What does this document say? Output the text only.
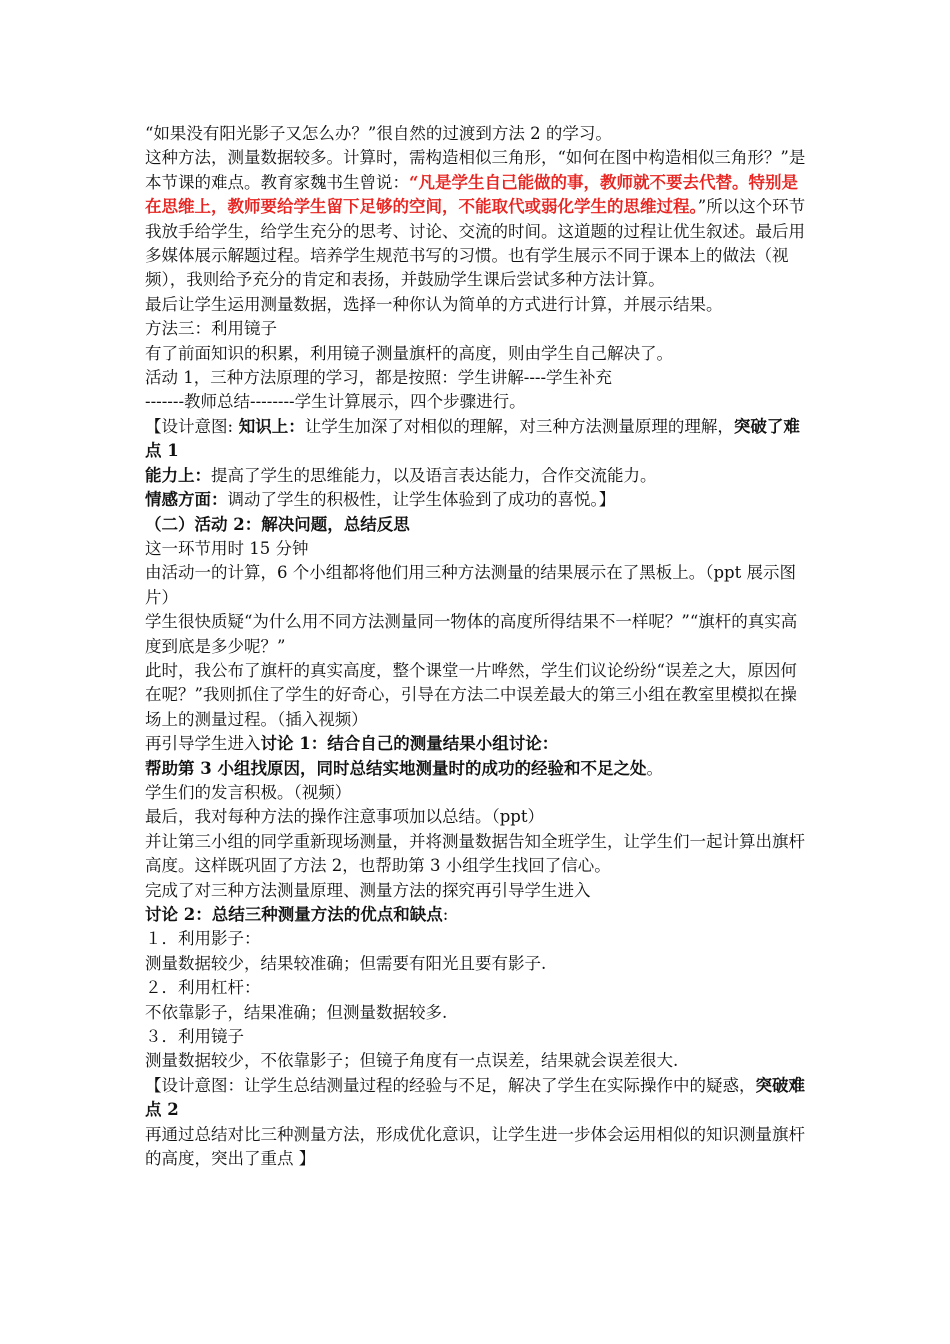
“如果没有阳光影子又怎么办？”很自然的过渡到方法 2 的学习。

这种方法，测量数据较多。计算时，需构造相似三角形，“如何在图中构造相似三角形？”是本节课的难点。教育家魏书生曾说：“凡是学生自己能做的事，教师就不要去代替。特别是在思维上，教师要给学生留下足够的空间，不能取代或弱化学生的思维过程。”所以这个环节我放手给学生，给学生充分的思考、讨论、交流的时间。这道题的过程让优生叙述。最后用多媒体展示解题过程。培养学生规范书写的习惯。也有学生展示不同于课本上的做法（视频），我则给予充分的肯定和表扬，并鼓励学生课后尝试多种方法计算。

最后让学生运用测量数据，选择一种你认为简单的方式进行计算，并展示结果。

方法三：利用镜子

有了前面知识的积累，利用镜子测量旗杆的高度，则由学生自己解决了。

活动 1，三种方法原理的学习，都是按照：学生讲解----学生补充

-------教师总结--------学生计算展示，四个步骤进行。

【设计意图: 知识上：让学生加深了对相似的理解，对三种方法测量原理的理解，突破了难点 1

能力上：提高了学生的思维能力，以及语言表达能力，合作交流能力。

情感方面：调动了学生的积极性，让学生体验到了成功的喜悦。】

（二）活动 2：解决问题，总结反思

这一环节用时 15 分钟

由活动一的计算，6 个小组都将他们用三种方法测量的结果展示在了黑板上。（ppt 展示图片）

学生很快质疑“为什么用不同方法测量同一物体的高度所得结果不一样呢？”“旗杆的真实高度到底是多少呢？”

此时，我公布了旗杆的真实高度，整个课堂一片哗然，学生们议论纷纷“误差之大，原因何在呢？”我则抓住了学生的好奇心，引导在方法二中误差最大的第三小组在教室里模拟在操场上的测量过程。（插入视频）

再引导学生进入讨论 1：结合自己的测量结果小组讨论：

帮助第 3 小组找原因，同时总结实地测量时的成功的经验和不足之处。

学生们的发言积极。（视频）

最后，我对每种方法的操作注意事项加以总结。（ppt）

并让第三小组的同学重新现场测量，并将测量数据告知全班学生，让学生们一起计算出旗杆高度。这样既巩固了方法 2，也帮助第 3 小组学生找回了信心。

完成了对三种方法测量原理、测量方法的探究再引导学生进入

讨论 2：总结三种测量方法的优点和缺点:

１．利用影子：

测量数据较少，结果较准确；但需要有阳光且要有影子.

２．利用杠杆：

不依靠影子，结果准确；但测量数据较多.

３．利用镜子

测量数据较少，不依靠影子；但镜子角度有一点误差，结果就会误差很大.

【设计意图：让学生总结测量过程的经验与不足，解决了学生在实际操作中的疑惑，突破难点 2

再通过总结对比三种测量方法，形成优化意识，让学生进一步体会运用相似的知识测量旗杆的高度，突出了重点 】
